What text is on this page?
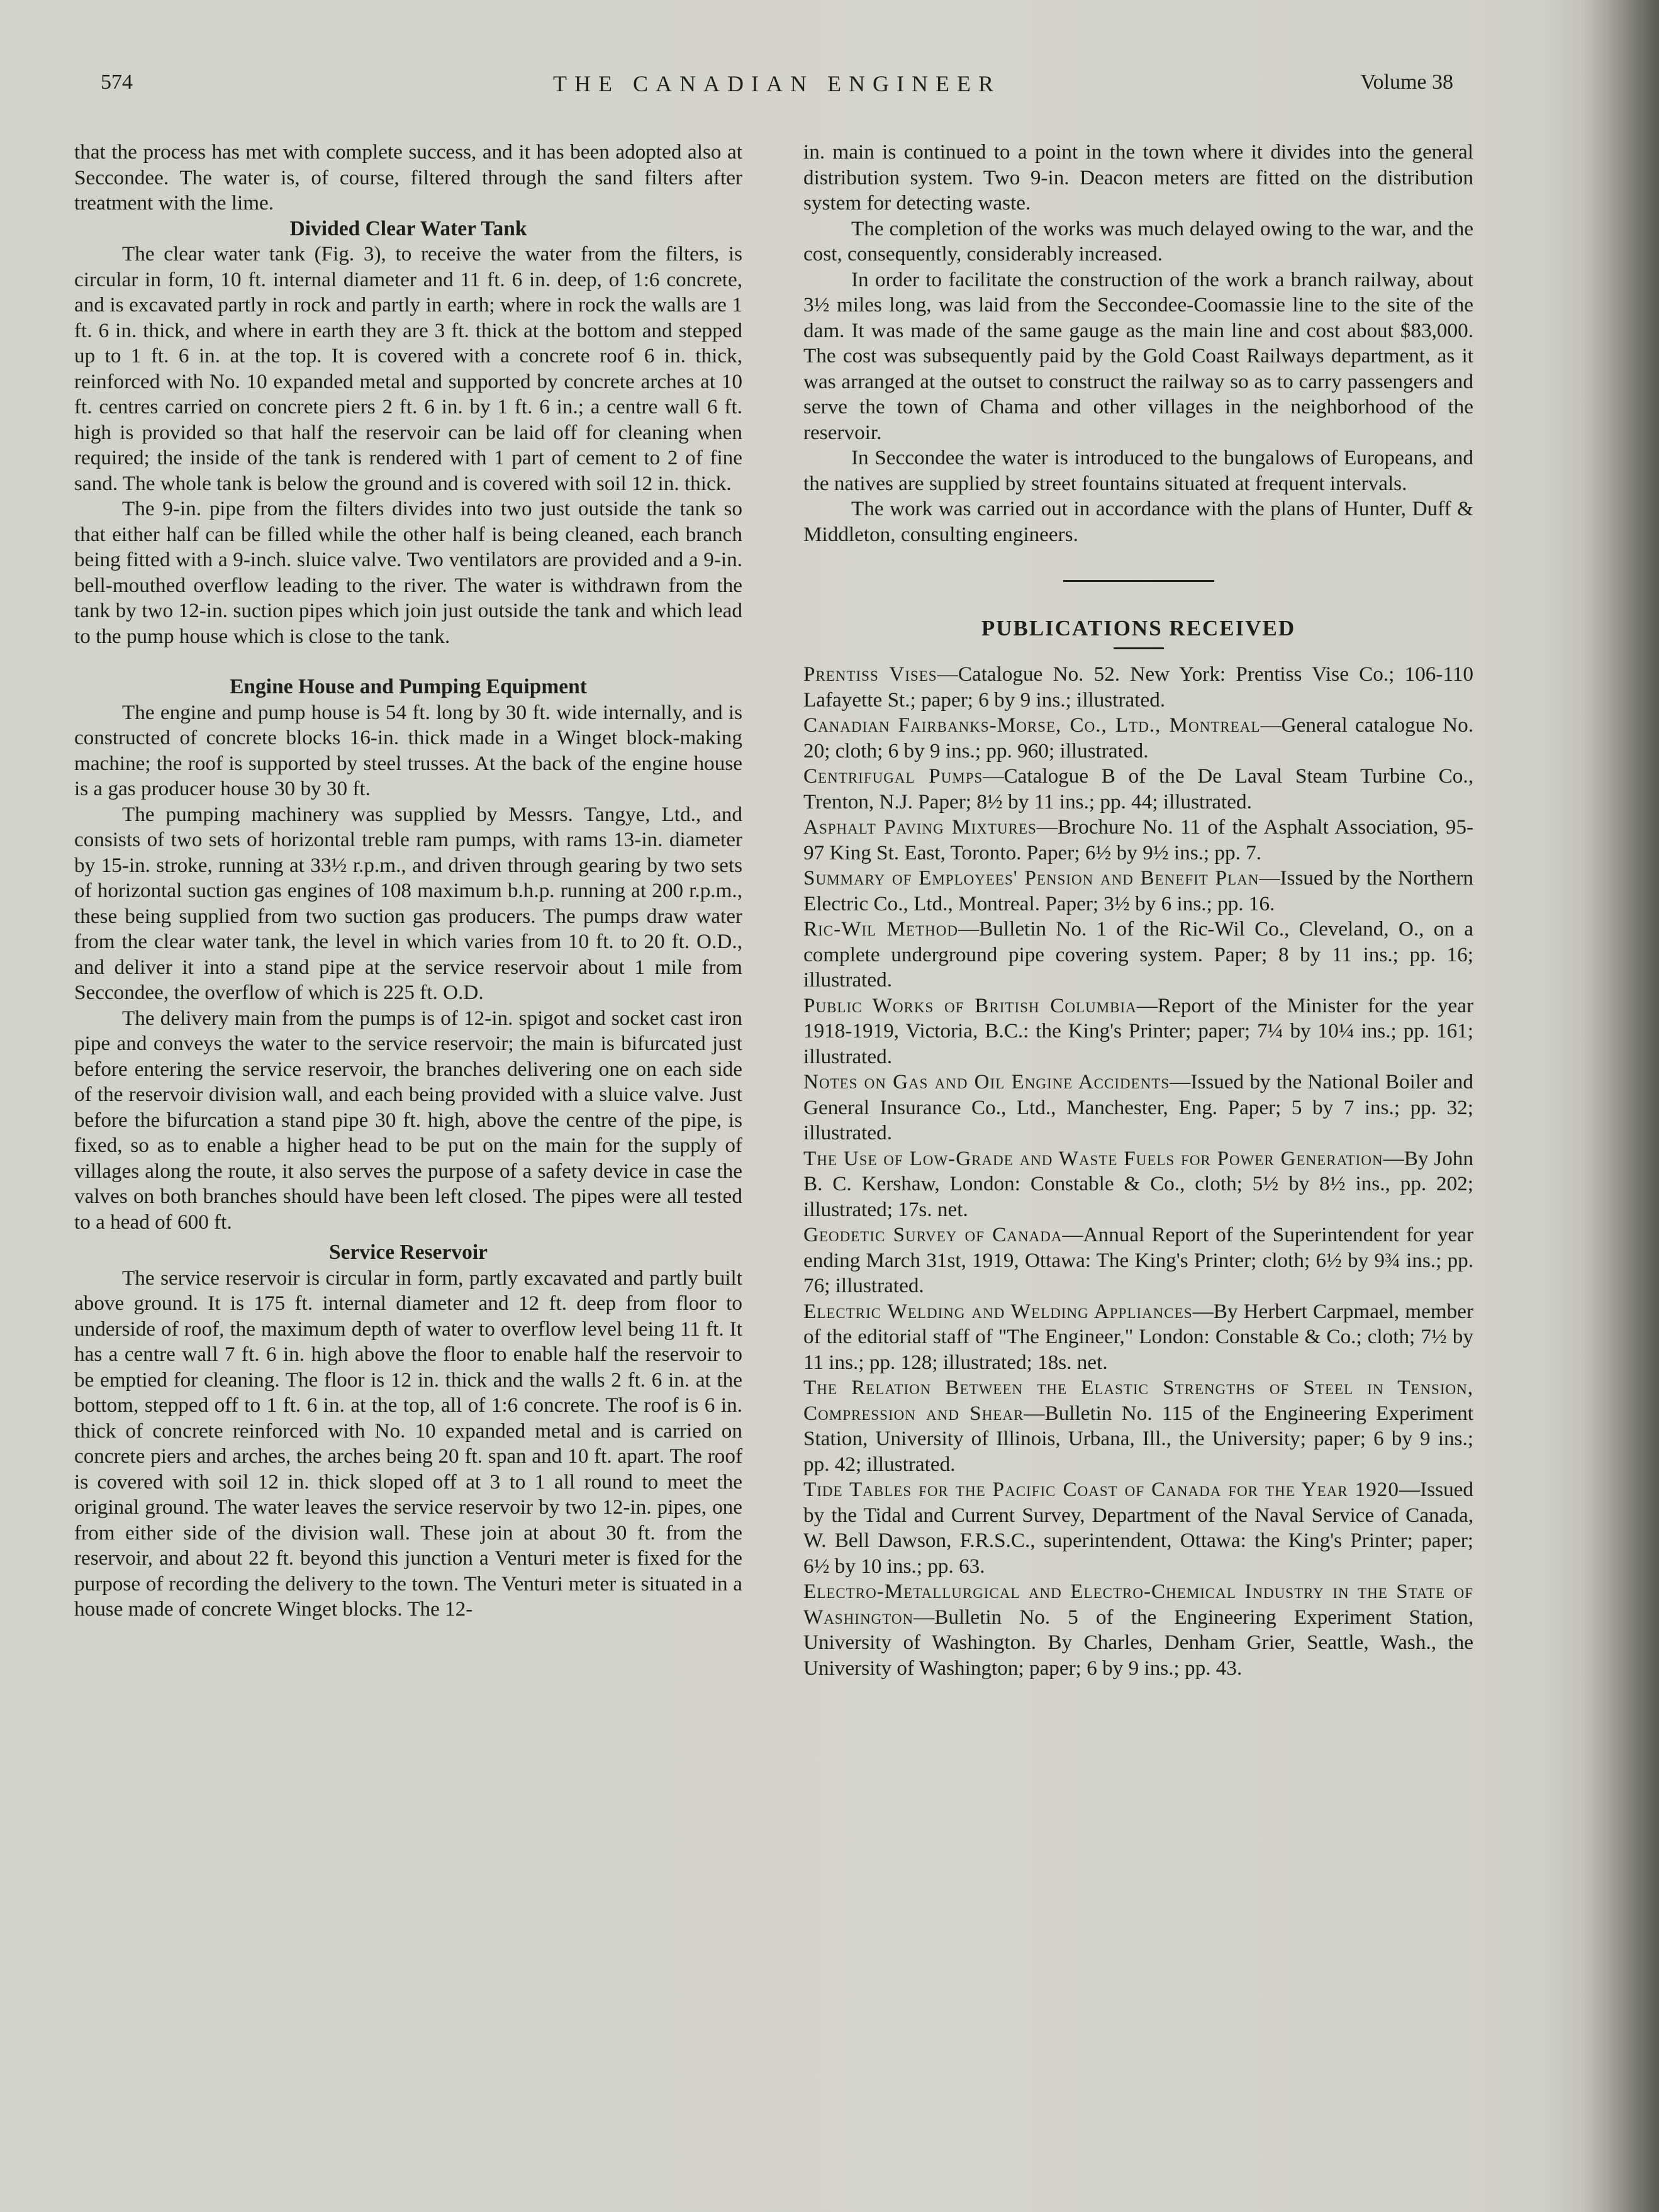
574	THE CANADIAN ENGINEER	Volume 38

that the process has met with complete success, and it has been adopted also at Seccondee. The water is, of course, filtered through the sand filters after treatment with the lime.

Divided Clear Water Tank

The clear water tank (Fig. 3), to receive the water from the filters, is circular in form, 10 ft. internal diameter and 11 ft. 6 in. deep, of 1:6 concrete, and is excavated partly in rock and partly in earth; where in rock the walls are 1 ft. 6 in. thick, and where in earth they are 3 ft. thick at the bottom and stepped up to 1 ft. 6 in. at the top. It is covered with a concrete roof 6 in. thick, reinforced with No. 10 expanded metal and supported by concrete arches at 10 ft. centres carried on concrete piers 2 ft. 6 in. by 1 ft. 6 in.; a centre wall 6 ft. high is provided so that half the reservoir can be laid off for cleaning when required; the inside of the tank is rendered with 1 part of cement to 2 of fine sand. The whole tank is below the ground and is covered with soil 12 in. thick.

The 9-in. pipe from the filters divides into two just outside the tank so that either half can be filled while the other half is being cleaned, each branch being fitted with a 9-inch. sluice valve. Two ventilators are provided and a 9-in. bell-mouthed overflow leading to the river. The water is withdrawn from the tank by two 12-in. suction pipes which join just outside the tank and which lead to the pump house which is close to the tank.

Engine House and Pumping Equipment

The engine and pump house is 54 ft. long by 30 ft. wide internally, and is constructed of concrete blocks 16-in. thick made in a Winget block-making machine; the roof is supported by steel trusses. At the back of the engine house is a gas producer house 30 by 30 ft.

The pumping machinery was supplied by Messrs. Tangye, Ltd., and consists of two sets of horizontal treble ram pumps, with rams 13-in. diameter by 15-in. stroke, running at 33½ r.p.m., and driven through gearing by two sets of horizontal suction gas engines of 108 maximum b.h.p. running at 200 r.p.m., these being supplied from two suction gas producers. The pumps draw water from the clear water tank, the level in which varies from 10 ft. to 20 ft. O.D., and deliver it into a stand pipe at the service reservoir about 1 mile from Seccondee, the overflow of which is 225 ft. O.D.

The delivery main from the pumps is of 12-in. spigot and socket cast iron pipe and conveys the water to the service reservoir; the main is bifurcated just before entering the service reservoir, the branches delivering one on each side of the reservoir division wall, and each being provided with a sluice valve. Just before the bifurcation a stand pipe 30 ft. high, above the centre of the pipe, is fixed, so as to enable a higher head to be put on the main for the supply of villages along the route, it also serves the purpose of a safety device in case the valves on both branches should have been left closed. The pipes were all tested to a head of 600 ft.

Service Reservoir

The service reservoir is circular in form, partly excavated and partly built above ground. It is 175 ft. internal diameter and 12 ft. deep from floor to underside of roof, the maximum depth of water to overflow level being 11 ft. It has a centre wall 7 ft. 6 in. high above the floor to enable half the reservoir to be emptied for cleaning. The floor is 12 in. thick and the walls 2 ft. 6 in. at the bottom, stepped off to 1 ft. 6 in. at the top, all of 1:6 concrete. The roof is 6 in. thick of concrete reinforced with No. 10 expanded metal and is carried on concrete piers and arches, the arches being 20 ft. span and 10 ft. apart. The roof is covered with soil 12 in. thick sloped off at 3 to 1 all round to meet the original ground. The water leaves the service reservoir by two 12-in. pipes, one from either side of the division wall. These join at about 30 ft. from the reservoir, and about 22 ft. beyond this junction a Venturi meter is fixed for the purpose of recording the delivery to the town. The Venturi meter is situated in a house made of concrete Winget blocks. The 12-

in. main is continued to a point in the town where it divides into the general distribution system. Two 9-in. Deacon meters are fitted on the distribution system for detecting waste.

The completion of the works was much delayed owing to the war, and the cost, consequently, considerably increased.

In order to facilitate the construction of the work a branch railway, about 3½ miles long, was laid from the Seccondee-Coomassie line to the site of the dam. It was made of the same gauge as the main line and cost about $83,000. The cost was subsequently paid by the Gold Coast Railways department, as it was arranged at the outset to construct the railway so as to carry passengers and serve the town of Chama and other villages in the neighborhood of the reservoir.

In Seccondee the water is introduced to the bungalows of Europeans, and the natives are supplied by street fountains situated at frequent intervals.

The work was carried out in accordance with the plans of Hunter, Duff & Middleton, consulting engineers.

PUBLICATIONS RECEIVED

Prentiss Vises—Catalogue No. 52. New York: Prentiss Vise Co.; 106-110 Lafayette St.; paper; 6 by 9 ins.; illustrated.

Canadian Fairbanks-Morse, Co., Ltd., Montreal—General catalogue No. 20; cloth; 6 by 9 ins.; pp. 960; illustrated.

Centrifugal Pumps—Catalogue B of the De Laval Steam Turbine Co., Trenton, N.J. Paper; 8½ by 11 ins.; pp. 44; illustrated.

Asphalt Paving Mixtures—Brochure No. 11 of the Asphalt Association, 95-97 King St. East, Toronto. Paper; 6½ by 9½ ins.; pp. 7.

Summary of Employees' Pension and Benefit Plan—Issued by the Northern Electric Co., Ltd., Montreal. Paper; 3½ by 6 ins.; pp. 16.

Ric-Wil Method—Bulletin No. 1 of the Ric-Wil Co., Cleveland, O., on a complete underground pipe covering system. Paper; 8 by 11 ins.; pp. 16; illustrated.

Public Works of British Columbia—Report of the Minister for the year 1918-1919, Victoria, B.C.: the King's Printer; paper; 7¼ by 10¼ ins.; pp. 161; illustrated.

Notes on Gas and Oil Engine Accidents—Issued by the National Boiler and General Insurance Co., Ltd., Manchester, Eng. Paper; 5 by 7 ins.; pp. 32; illustrated.

The Use of Low-Grade and Waste Fuels for Power Generation—By John B. C. Kershaw, London: Constable & Co., cloth; 5½ by 8½ ins., pp. 202; illustrated; 17s. net.

Geodetic Survey of Canada—Annual Report of the Superintendent for year ending March 31st, 1919, Ottawa: The King's Printer; cloth; 6½ by 9¾ ins.; pp. 76; illustrated.

Electric Welding and Welding Appliances—By Herbert Carpmael, member of the editorial staff of "The Engineer," London: Constable & Co.; cloth; 7½ by 11 ins.; pp. 128; illustrated; 18s. net.

The Relation Between the Elastic Strengths of Steel in Tension, Compression and Shear—Bulletin No. 115 of the Engineering Experiment Station, University of Illinois, Urbana, Ill., the University; paper; 6 by 9 ins.; pp. 42; illustrated.

Tide Tables for the Pacific Coast of Canada for the Year 1920—Issued by the Tidal and Current Survey, Department of the Naval Service of Canada, W. Bell Dawson, F.R.S.C., superintendent, Ottawa: the King's Printer; paper; 6½ by 10 ins.; pp. 63.

Electro-Metallurgical and Electro-Chemical Industry in the State of Washington—Bulletin No. 5 of the Engineering Experiment Station, University of Washington. By Charles, Denham Grier, Seattle, Wash., the University of Washington; paper; 6 by 9 ins.; pp. 43.
